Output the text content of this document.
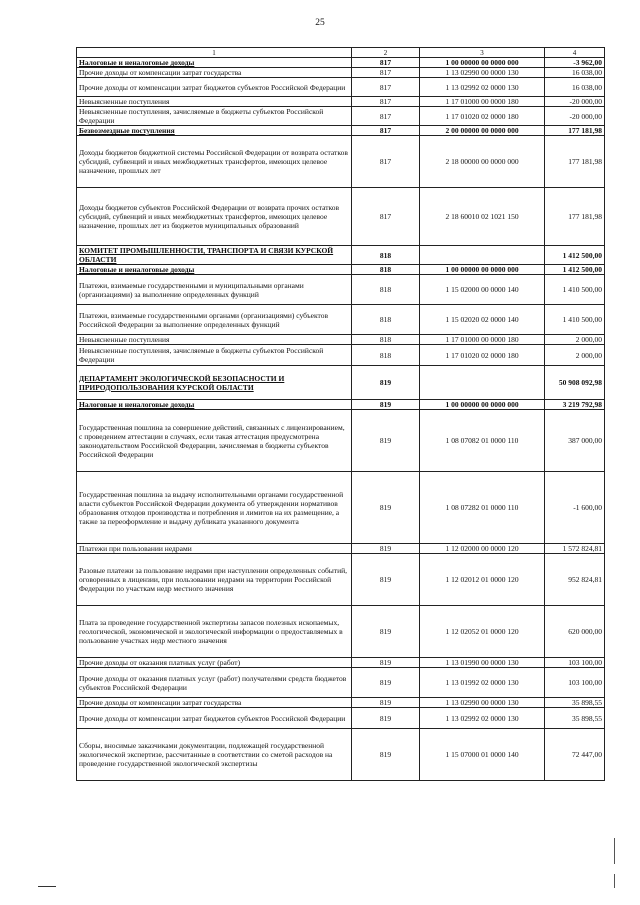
25
1	2	3	4
Налоговые и неналоговые доходы	817	1 00 00000 00 0000 000	-3 962,00
Прочие доходы от компенсации затрат государства	817	1 13 02990 00 0000 130	16 038,00
Прочие доходы от компенсации затрат бюджетов субъектов Российской Федерации	817	1 13 02992 02 0000 130	16 038,00
Невыясненные поступления	817	1 17 01000 00 0000 180	-20 000,00
Невыясненные поступления, зачисляемые в бюджеты субъектов Российской Федерации	817	1 17 01020 02 0000 180	-20 000,00
Безвозмездные поступления	817	2 00 00000 00 0000 000	177 181,98
Доходы бюджетов бюджетной системы Российской Федерации от возврата остатков субсидий, субвенций и иных межбюджетных трансфертов, имеющих целевое назначение, прошлых лет	817	2 18 00000 00 0000 000	177 181,98
Доходы бюджетов субъектов Российской Федерации от возврата прочих остатков субсидий, субвенций и иных межбюджетных трансфертов, имеющих целевое назначение, прошлых лет из бюджетов муниципальных образований	817	2 18 60010 02 1021 150	177 181,98
КОМИТЕТ ПРОМЫШЛЕННОСТИ, ТРАНСПОРТА И СВЯЗИ КУРСКОЙ ОБЛАСТИ	818		1 412 500,00
Налоговые и неналоговые доходы	818	1 00 00000 00 0000 000	1 412 500,00
Платежи, взимаемые государственными и муниципальными органами (организациями) за выполнение определенных функций	818	1 15 02000 00 0000 140	1 410 500,00
Платежи, взимаемые государственными органами (организациями) субъектов Российской Федерации за выполнение определенных функций	818	1 15 02020 02 0000 140	1 410 500,00
Невыясненные поступления	818	1 17 01000 00 0000 180	2 000,00
Невыясненные поступления, зачисляемые в бюджеты субъектов Российской Федерации	818	1 17 01020 02 0000 180	2 000,00
ДЕПАРТАМЕНТ ЭКОЛОГИЧЕСКОЙ БЕЗОПАСНОСТИ И ПРИРОДОПОЛЬЗОВАНИЯ КУРСКОЙ ОБЛАСТИ	819		50 908 092,98
Налоговые и неналоговые доходы	819	1 00 00000 00 0000 000	3 219 792,98
Государственная пошлина за совершение действий, связанных с лицензированием, с проведением аттестации в случаях, если такая аттестация предусмотрена законодательством Российской Федерации, зачисляемая в бюджеты субъектов Российской Федерации	819	1 08 07082 01 0000 110	387 000,00
Государственная пошлина за выдачу исполнительными органами государственной власти субъектов Российской Федерации документа об утверждении нормативов образования отходов производства и потребления и лимитов на их размещение, а также за переоформление и выдачу дубликата указанного документа	819	1 08 07282 01 0000 110	-1 600,00
Платежи при пользовании недрами	819	1 12 02000 00 0000 120	1 572 824,81
Разовые платежи за пользование недрами при наступлении определенных событий, оговоренных в лицензии, при пользовании недрами на территории Российской Федерации по участкам недр местного значения	819	1 12 02012 01 0000 120	952 824,81
Плата за проведение государственной экспертизы запасов полезных ископаемых, геологической, экономической и экологической информации о предоставляемых в пользование участках недр местного значения	819	1 12 02052 01 0000 120	620 000,00
Прочие доходы от оказания платных услуг (работ)	819	1 13 01990 00 0000 130	103 100,00
Прочие доходы от оказания платных услуг (работ) получателями средств бюджетов субъектов Российской Федерации	819	1 13 01992 02 0000 130	103 100,00
Прочие доходы от компенсации затрат государства	819	1 13 02990 00 0000 130	35 898,55
Прочие доходы от компенсации затрат бюджетов субъектов Российской Федерации	819	1 13 02992 02 0000 130	35 898,55
Сборы, вносимые заказчиками документации, подлежащей государственной экологической экспертизе, рассчитанные в соответствии со сметой расходов на проведение государственной экологической экспертизы	819	1 15 07000 01 0000 140	72 447,00
